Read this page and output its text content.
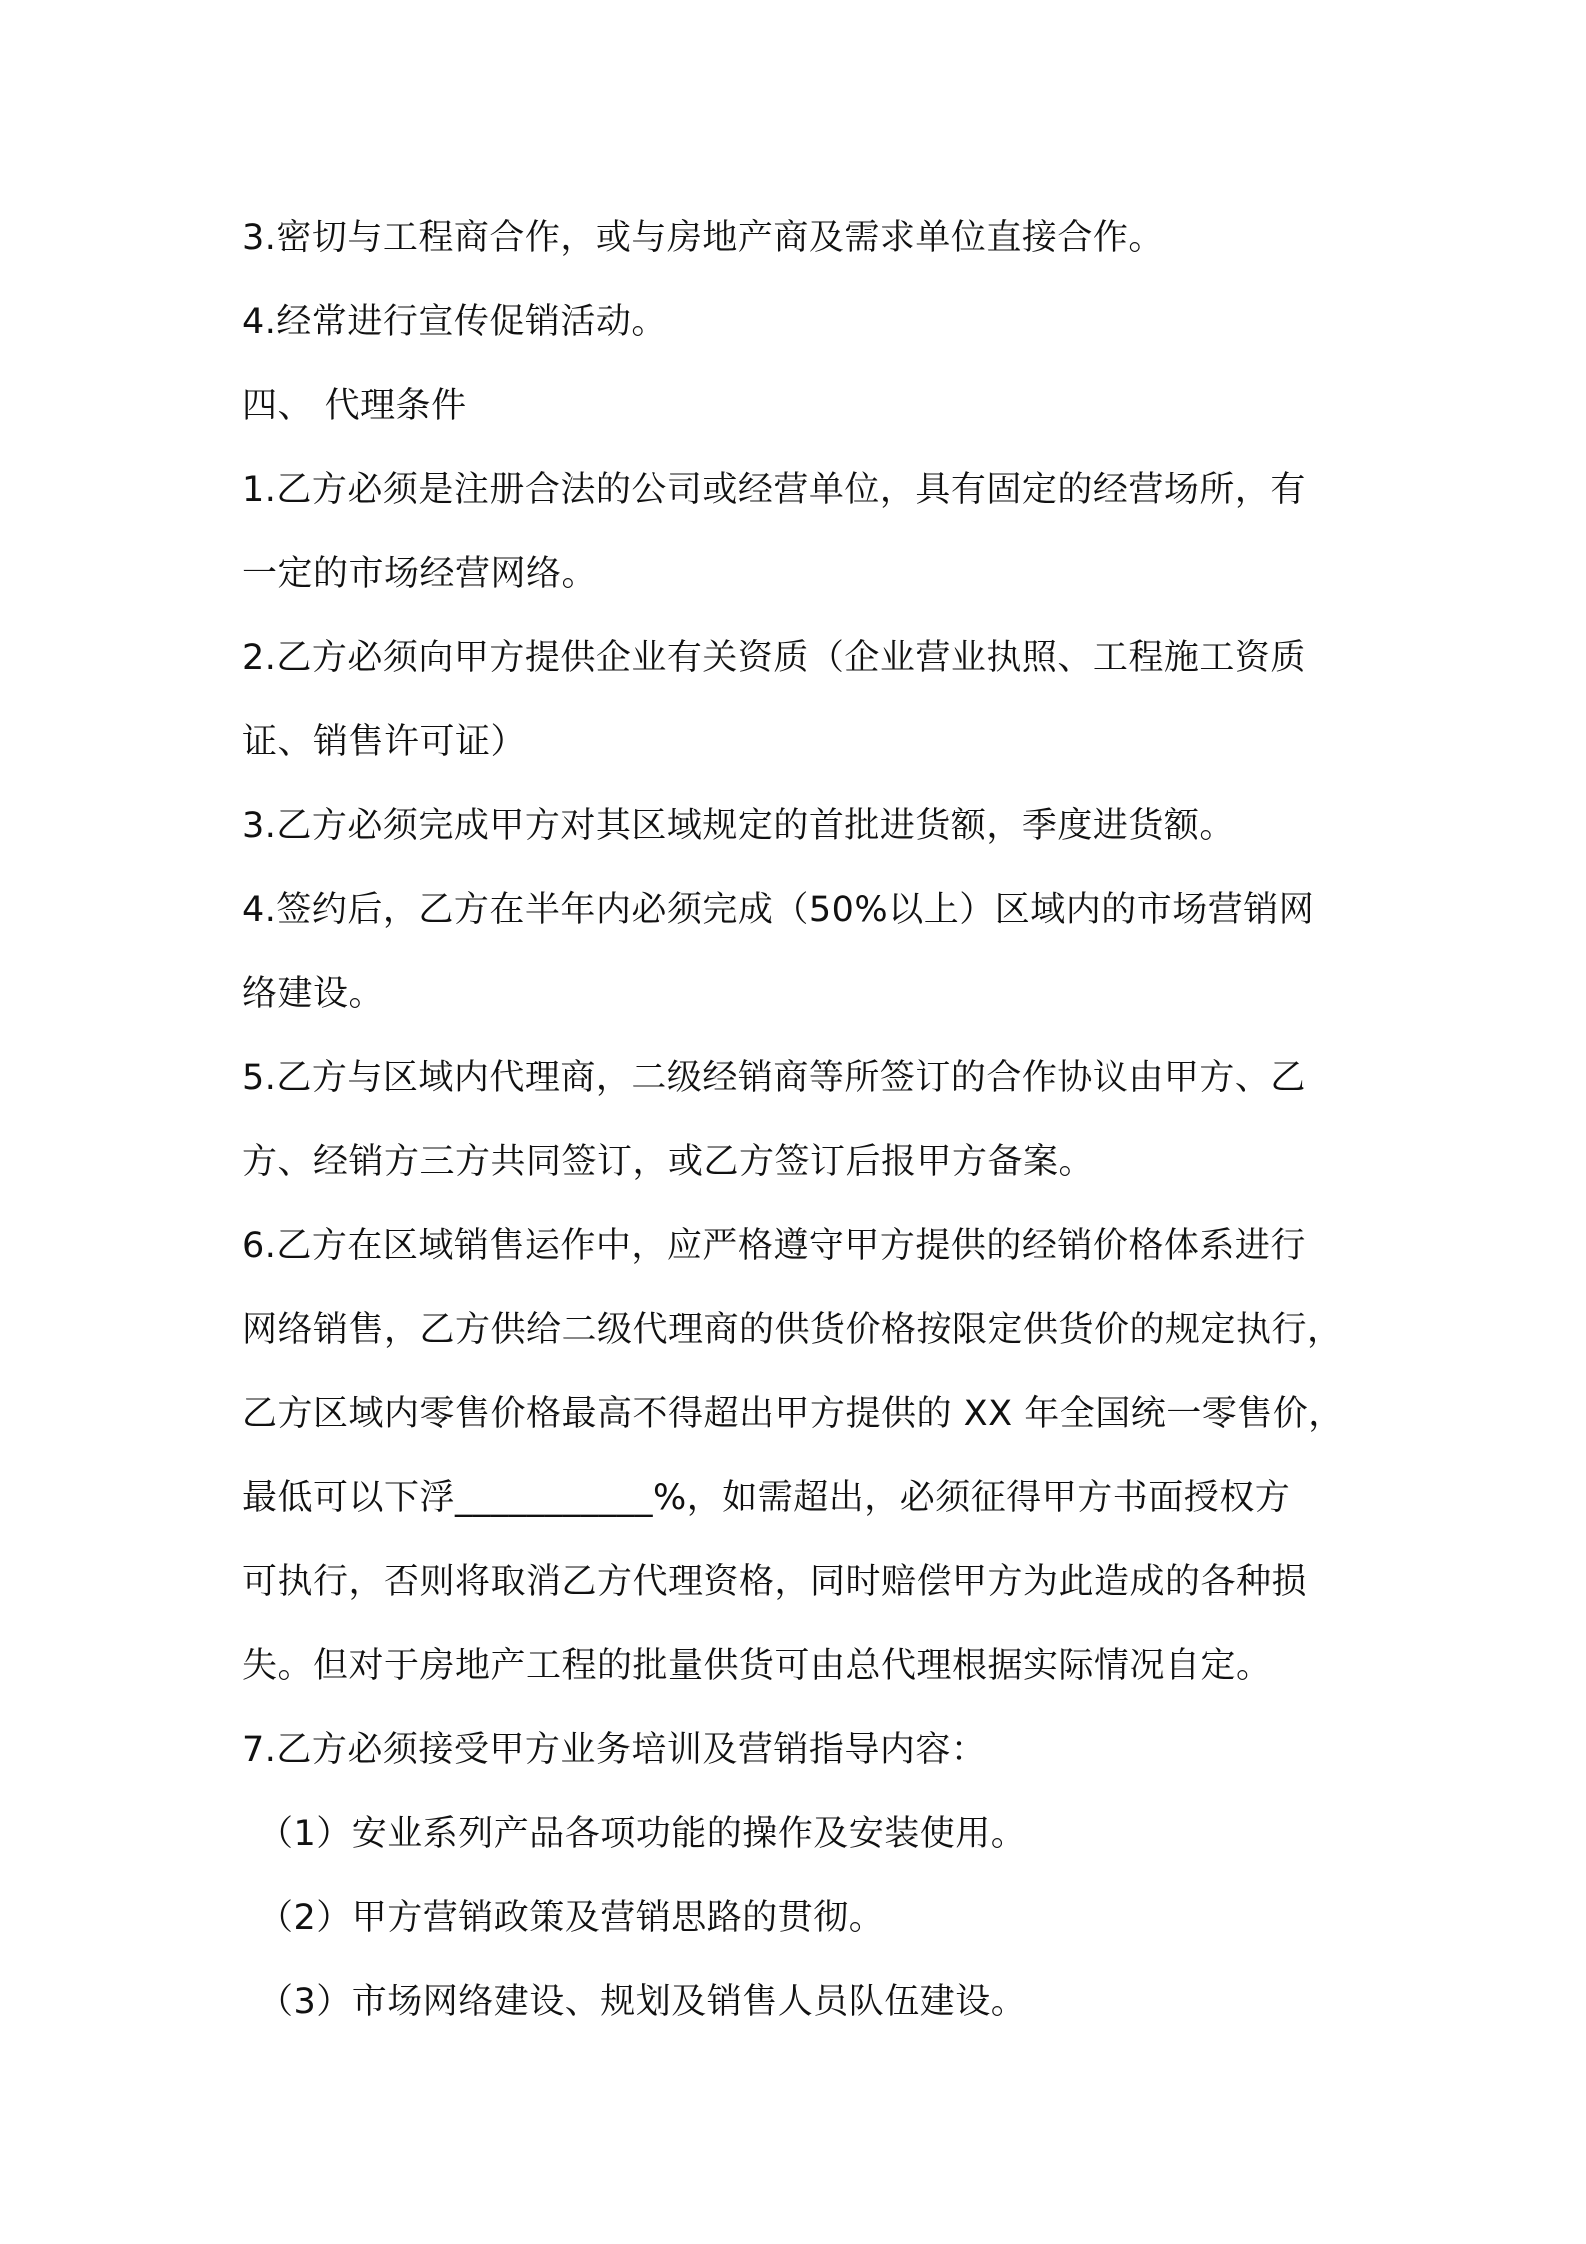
3.密切与工程商合作，或与房地产商及需求单位直接合作。
4.经常进行宣传促销活动。
四、 代理条件
1.乙方必须是注册合法的公司或经营单位，具有固定的经营场所，有
一定的市场经营网络。
2.乙方必须向甲方提供企业有关资质（企业营业执照、工程施工资质
证、销售许可证）
3.乙方必须完成甲方对其区域规定的首批进货额，季度进货额。
4.签约后，乙方在半年内必须完成（50%以上）区域内的市场营销网
络建设。
5.乙方与区域内代理商，二级经销商等所签订的合作协议由甲方、乙
方、经销方三方共同签订，或乙方签订后报甲方备案。
6.乙方在区域销售运作中，应严格遵守甲方提供的经销价格体系进行
网络销售，乙方供给二级代理商的供货价格按限定供货价的规定执行，
乙方区域内零售价格最高不得超出甲方提供的 XX 年全国统一零售价，
最低可以下浮___________%，如需超出，必须征得甲方书面授权方
可执行，否则将取消乙方代理资格，同时赔偿甲方为此造成的各种损
失。但对于房地产工程的批量供货可由总代理根据实际情况自定。
7.乙方必须接受甲方业务培训及营销指导内容：
（1）安业系列产品各项功能的操作及安装使用。
（2）甲方营销政策及营销思路的贯彻。
（3）市场网络建设、规划及销售人员队伍建设。
